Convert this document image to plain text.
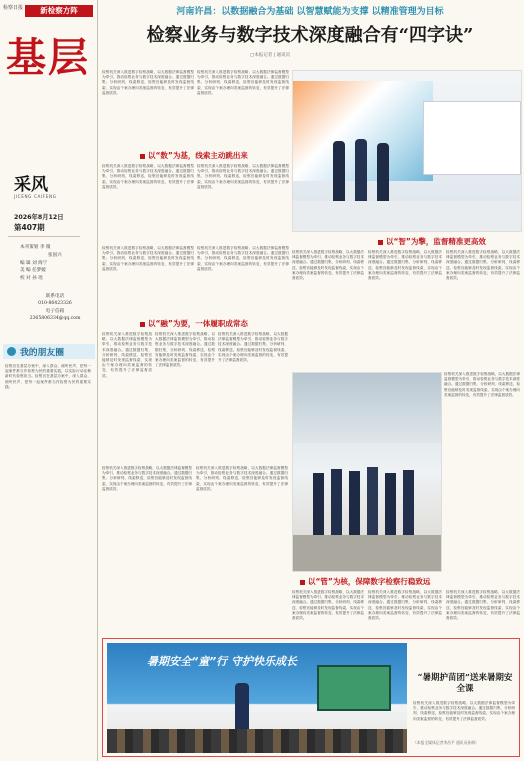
检察日报	新检察方阵
基层
采风
JICENG CAIFENG
2026年8月12日
第407期
本刊策划 李 微
张国兴
编 辑 刘 海宁
美 编 任梦媛
校 对 孙 瑶
联系电话
010-86423326
电子信箱
2365806334@qq.com
我的朋友圈
检察官在基层办案中，深入群众、倾听民声，把每一起案件都当作检察为民的重要实践，以实际行动诠释新时代检察担当。检察官在基层办案中，深入群众、倾听民声，把每一起案件都当作检察为民的重要实践。
河南许昌：以数据融合为基础 以智慧赋能为支撑 以精准管理为目标
检察业务与数字技术深度融合有“四字诀”
□本报记者 | 通讯员
检察机关深入推进数字检察战略，以大数据法律监督模型为牵引，推动检察业务与数字技术深度融合。通过数据归集、分析研判、线索移送，检察官能够及时发现监督线索，实现由个案办理向类案监督的转变，有效提升了法律监督质效。
检察机关深入推进数字检察战略，以大数据法律监督模型为牵引，推动检察业务与数字技术深度融合。通过数据归集、分析研判、线索移送，检察官能够及时发现监督线索，实现由个案办理向类案监督的转变，有效提升了法律监督质效。
以“数”为基，线索主动跳出来
检察机关深入推进数字检察战略，以大数据法律监督模型为牵引，推动检察业务与数字技术深度融合。通过数据归集、分析研判、线索移送，检察官能够及时发现监督线索，实现由个案办理向类案监督的转变，有效提升了法律监督质效。
检察机关深入推进数字检察战略，以大数据法律监督模型为牵引，推动检察业务与数字技术深度融合。通过数据归集、分析研判、线索移送，检察官能够及时发现监督线索，实现由个案办理向类案监督的转变，有效提升了法律监督质效。
检察机关深入推进数字检察战略，以大数据法律监督模型为牵引，推动检察业务与数字技术深度融合。通过数据归集、分析研判、线索移送，检察官能够及时发现监督线索，实现由个案办理向类案监督的转变，有效提升了法律监督质效。
检察机关深入推进数字检察战略，以大数据法律监督模型为牵引，推动检察业务与数字技术深度融合。通过数据归集、分析研判、线索移送，检察官能够及时发现监督线索，实现由个案办理向类案监督的转变，有效提升了法律监督质效。
以“智”为擎，监督精准更高效
检察机关深入推进数字检察战略，以大数据法律监督模型为牵引，推动检察业务与数字技术深度融合。通过数据归集、分析研判、线索移送，检察官能够及时发现监督线索，实现由个案办理向类案监督的转变，有效提升了法律监督质效。
检察机关深入推进数字检察战略，以大数据法律监督模型为牵引，推动检察业务与数字技术深度融合。通过数据归集、分析研判、线索移送，检察官能够及时发现监督线索，实现由个案办理向类案监督的转变，有效提升了法律监督质效。
检察机关深入推进数字检察战略，以大数据法律监督模型为牵引，推动检察业务与数字技术深度融合。通过数据归集、分析研判、线索移送，检察官能够及时发现监督线索，实现由个案办理向类案监督的转变，有效提升了法律监督质效。
以“融”为要，一体履职成常态
检察机关深入推进数字检察战略，以大数据法律监督模型为牵引，推动检察业务与数字技术深度融合。通过数据归集、分析研判、线索移送，检察官能够及时发现监督线索，实现由个案办理向类案监督的转变，有效提升了法律监督质效。
检察机关深入推进数字检察战略，以大数据法律监督模型为牵引，推动检察业务与数字技术深度融合。通过数据归集、分析研判、线索移送，检察官能够及时发现监督线索，实现由个案办理向类案监督的转变，有效提升了法律监督质效。
检察机关深入推进数字检察战略，以大数据法律监督模型为牵引，推动检察业务与数字技术深度融合。通过数据归集、分析研判、线索移送，检察官能够及时发现监督线索，实现由个案办理向类案监督的转变，有效提升了法律监督质效。
以“管”为核，保障数字检察行稳致远
检察机关深入推进数字检察战略，以大数据法律监督模型为牵引，推动检察业务与数字技术深度融合。通过数据归集、分析研判、线索移送，检察官能够及时发现监督线索，实现由个案办理向类案监督的转变，有效提升了法律监督质效。
检察机关深入推进数字检察战略，以大数据法律监督模型为牵引，推动检察业务与数字技术深度融合。通过数据归集、分析研判、线索移送，检察官能够及时发现监督线索，实现由个案办理向类案监督的转变，有效提升了法律监督质效。
检察机关深入推进数字检察战略，以大数据法律监督模型为牵引，推动检察业务与数字技术深度融合。通过数据归集、分析研判、线索移送，检察官能够及时发现监督线索，实现由个案办理向类案监督的转变，有效提升了法律监督质效。
检察机关深入推进数字检察战略，以大数据法律监督模型为牵引，推动检察业务与数字技术深度融合。通过数据归集、分析研判、线索移送，检察官能够及时发现监督线索，实现由个案办理向类案监督的转变，有效提升了法律监督质效。
检察机关深入推进数字检察战略，以大数据法律监督模型为牵引，推动检察业务与数字技术深度融合。通过数据归集、分析研判、线索移送，检察官能够及时发现监督线索，实现由个案办理向类案监督的转变，有效提升了法律监督质效。
检察机关深入推进数字检察战略，以大数据法律监督模型为牵引，推动检察业务与数字技术深度融合。通过数据归集、分析研判、线索移送，检察官能够及时发现监督线索，实现由个案办理向类案监督的转变，有效提升了法律监督质效。
暑期安全“童”行 守护快乐成长
“暑期护苗团”送来暑期安全课
检察机关深入推进数字检察战略，以大数据法律监督模型为牵引，推动检察业务与数字技术深度融合。通过数据归集、分析研判、线索移送，检察官能够及时发现监督线索，实现由个案办理向类案监督的转变，有效提升了法律监督质效。
（本报全媒体记者李昌平 通讯员孙梅）
